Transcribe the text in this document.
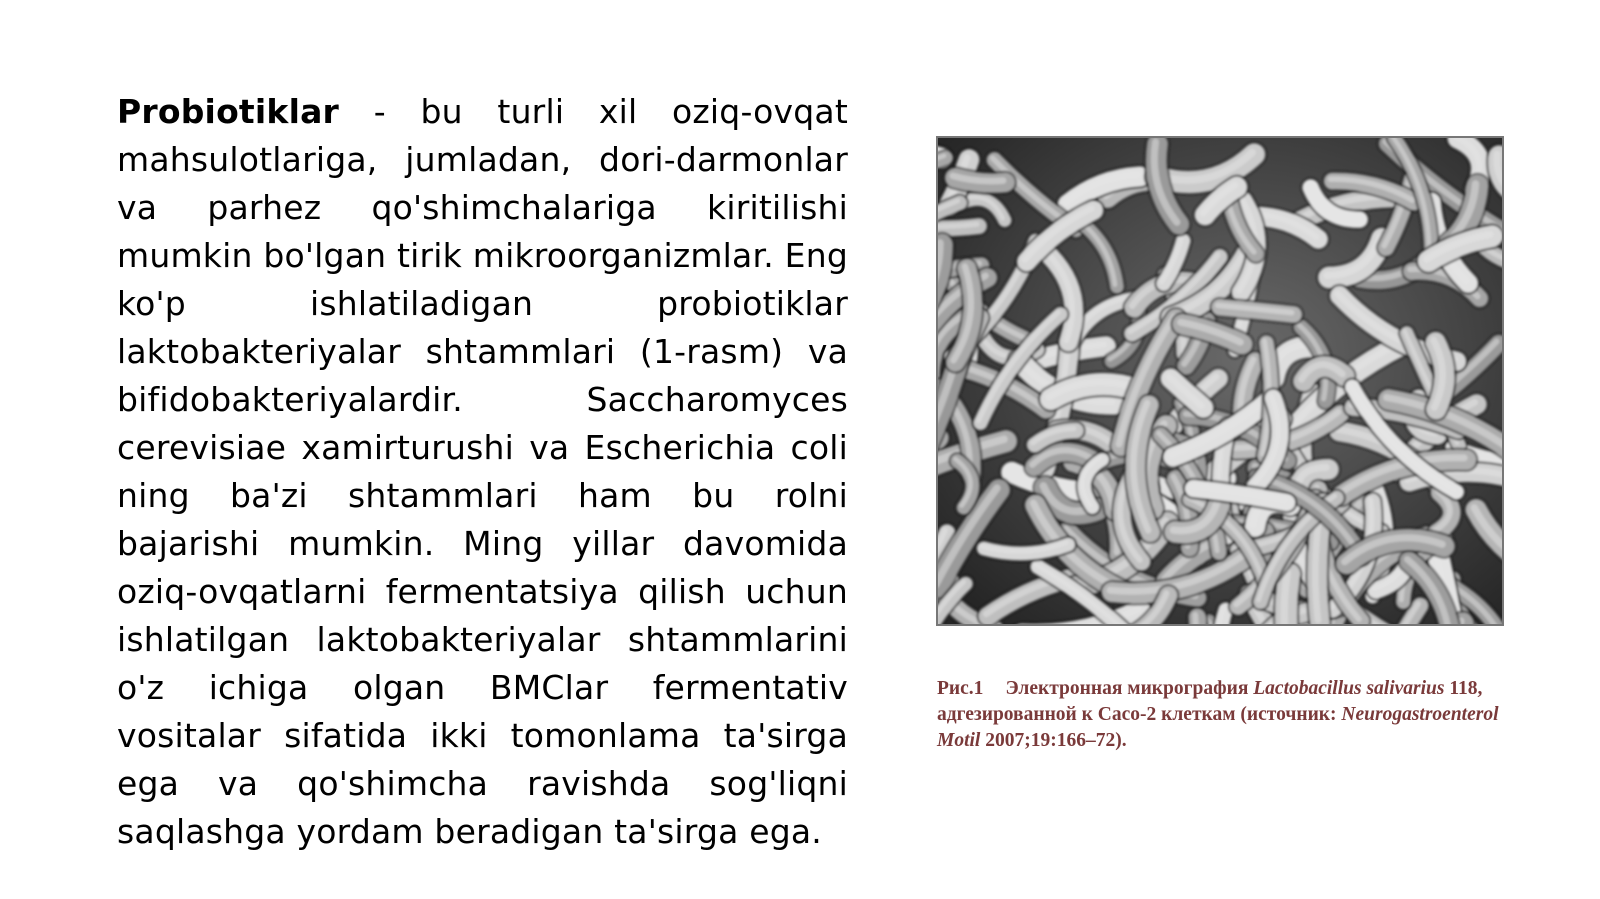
Probiotiklar - bu turli xil oziq-ovqat mahsulotlariga, jumladan, dori-darmonlar va parhez qo'shimchalariga kiritilishi mumkin bo'lgan tirik mikroorganizmlar. Eng ko'p ishlatiladigan probiotiklar laktobakteriyalar shtammlari (1-rasm) va bifidobakteriyalardir. Saccharomyces cerevisiae xamirturushi va Escherichia coli ning ba'zi shtammlari ham bu rolni bajarishi mumkin. Ming yillar davomida oziq-ovqatlarni fermentatsiya qilish uchun ishlatilgan laktobakteriyalar shtammlarini o'z ichiga olgan BMClar fermentativ vositalar sifatida ikki tomonlama ta'sirga ega va qo'shimcha ravishda sog'liqni saqlashga yordam beradigan ta'sirga ega.

Рис.1 Электронная микрография Lactobacillus salivarius 118, адгезированной к Caco-2 клеткам (источник: Neurogastroenterol Motil 2007;19:166–72).
